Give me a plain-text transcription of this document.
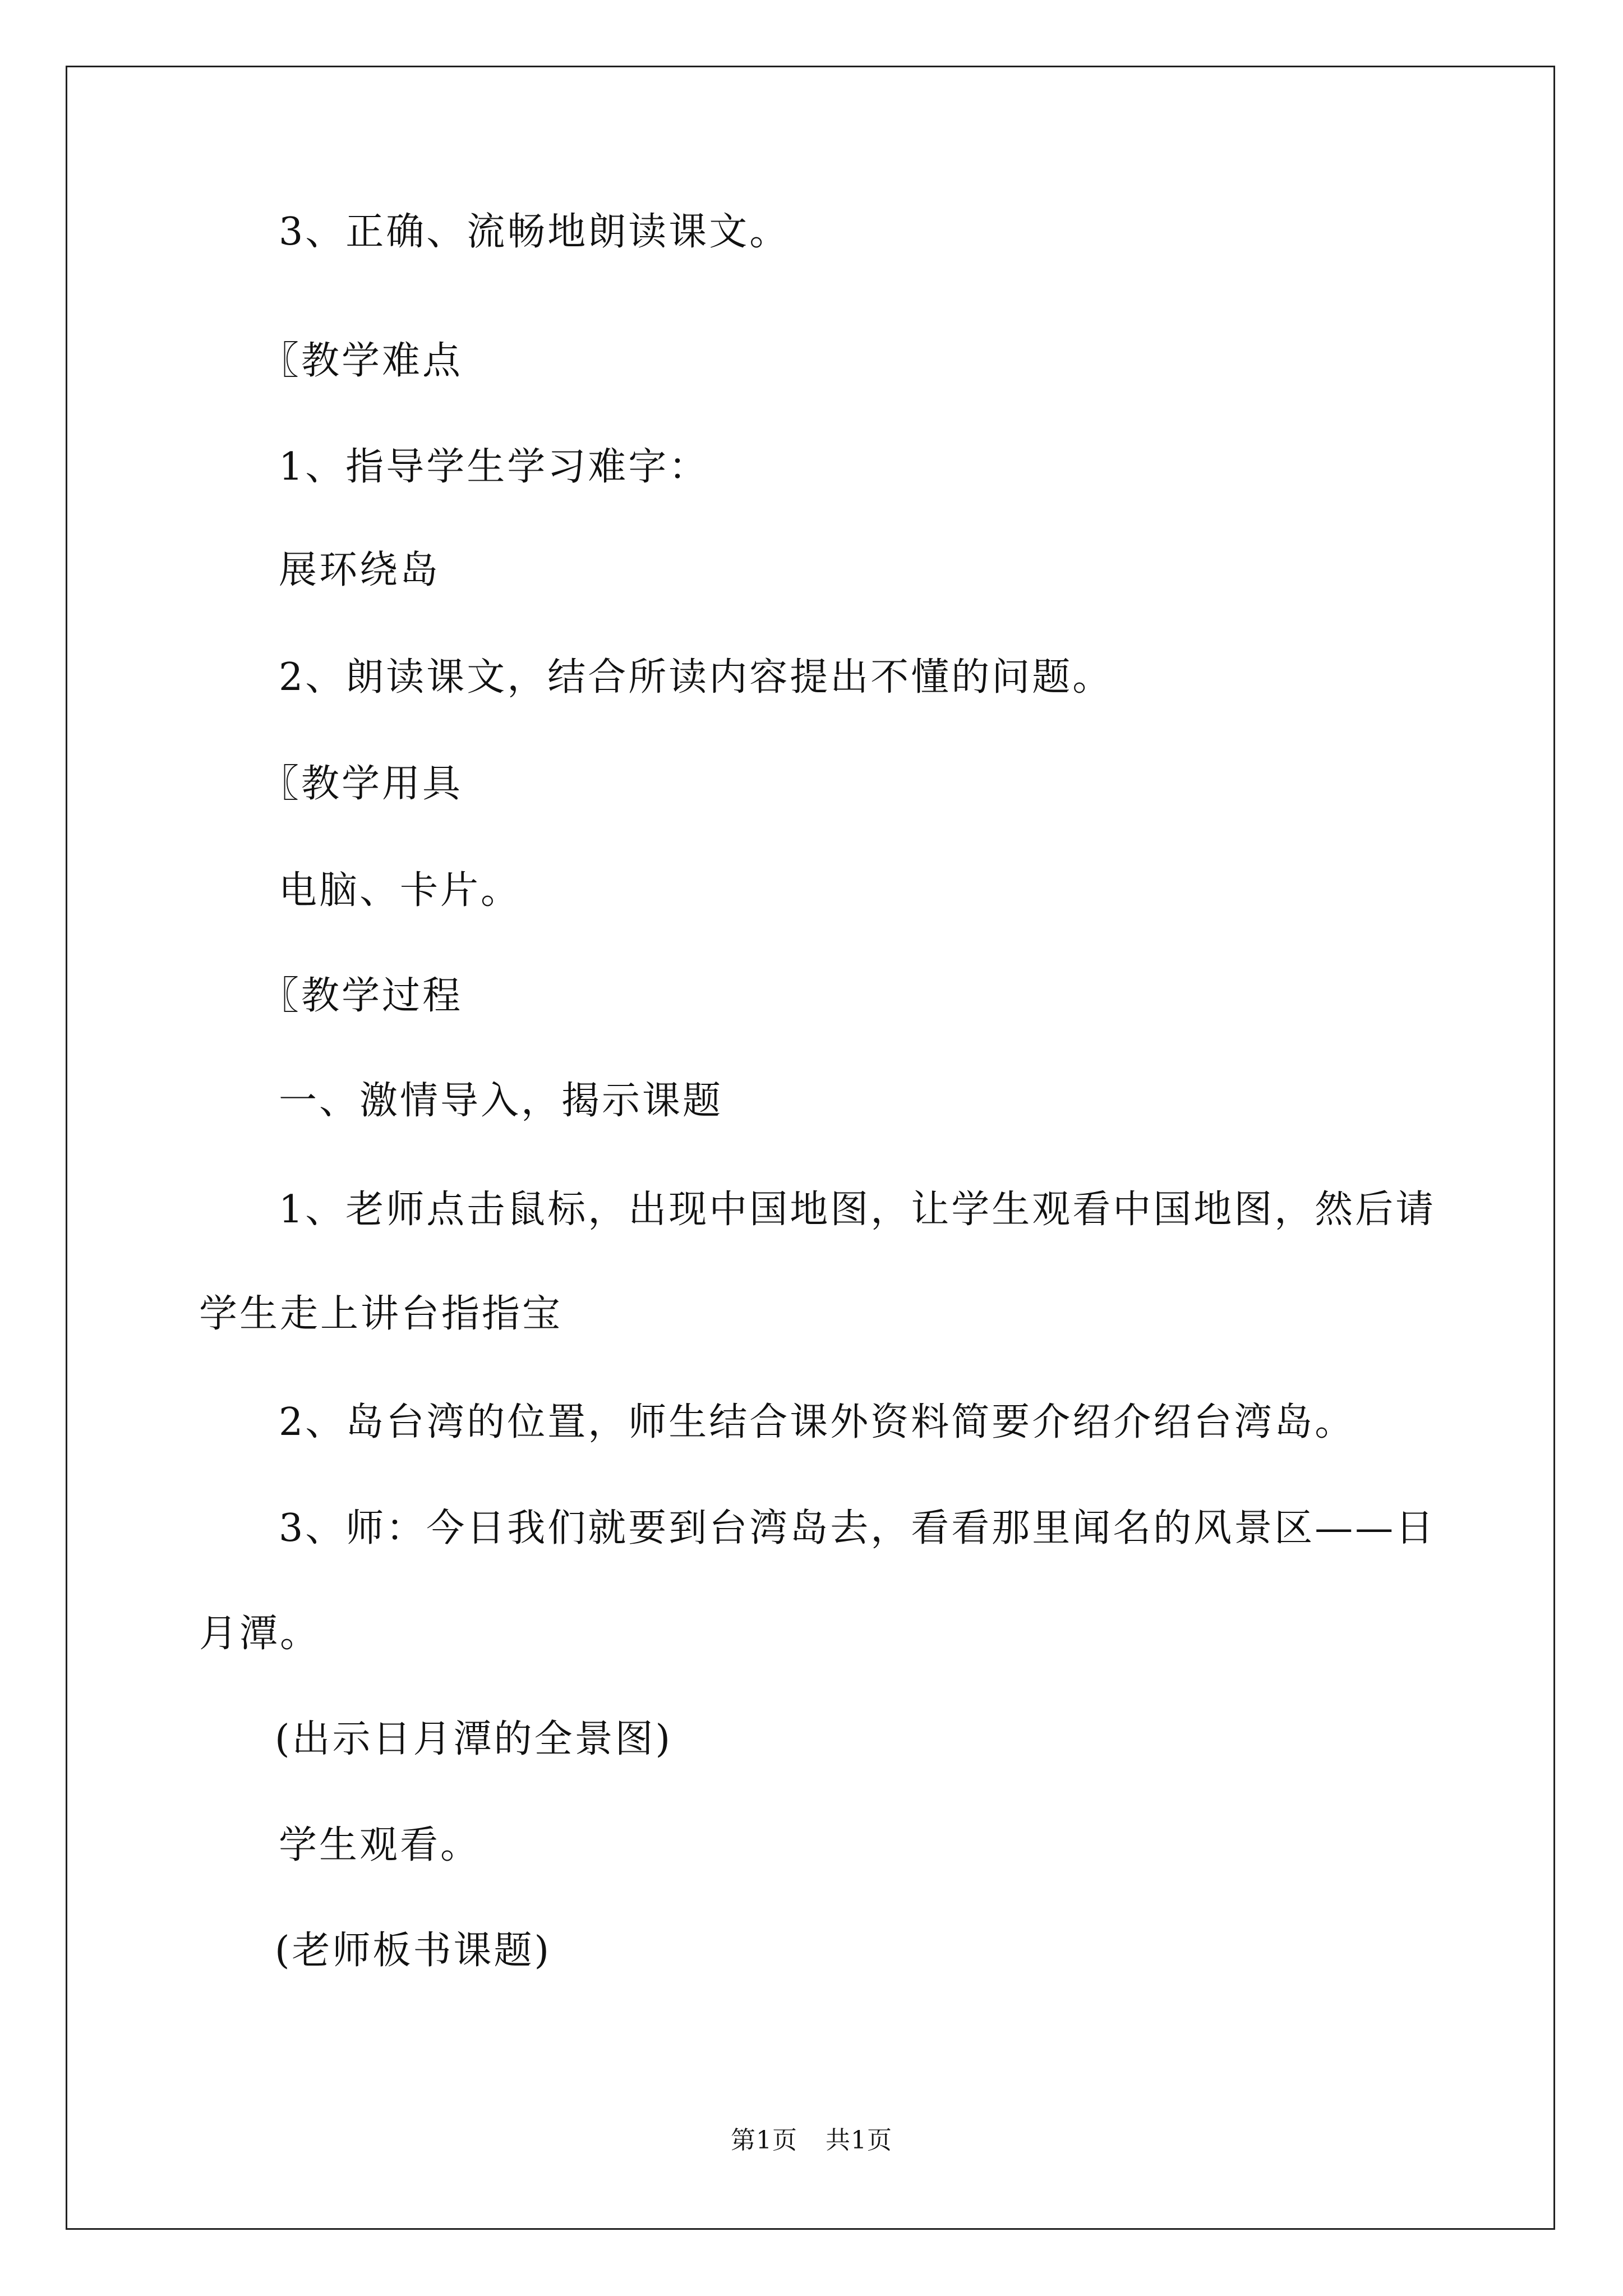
3、正确、流畅地朗读课文。
〖教学难点
1、指导学生学习难字：
展环绕岛
2、朗读课文，结合所读内容提出不懂的问题。
〖教学用具
电脑、卡片。
〖教学过程
一、激情导入，揭示课题
1、老师点击鼠标，出现中国地图，让学生观看中国地图，然后请
学生走上讲台指指宝
2、岛台湾的位置，师生结合课外资料简要介绍介绍台湾岛。
3、师：今日我们就要到台湾岛去，看看那里闻名的风景区——日
月潭。
(出示日月潭的全景图)
学生观看。
(老师板书课题)
第1页 共1页
